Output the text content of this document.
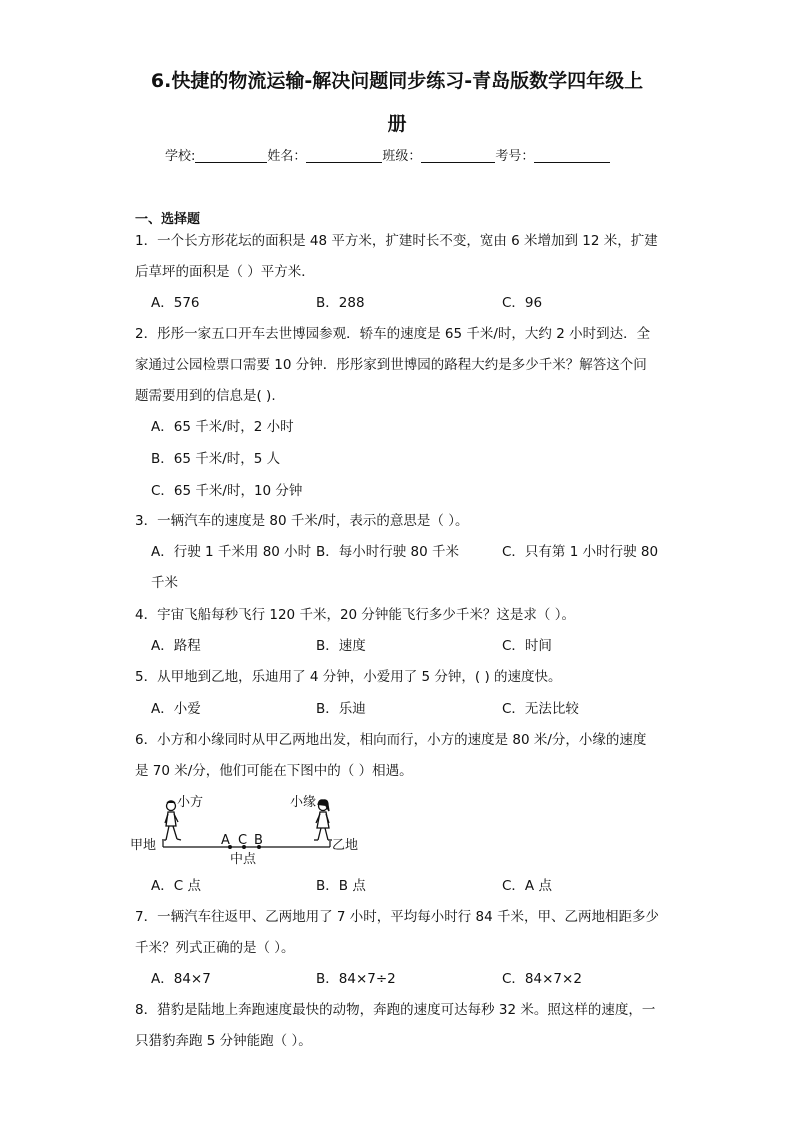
6.快捷的物流运输-解决问题同步练习-青岛版数学四年级上
册
学校:	姓名：	班级：	考号：
一、选择题
1．一个长方形花坛的面积是 48 平方米，扩建时长不变，宽由 6 米增加到 12 米，扩建
后草坪的面积是（ ）平方米．
A．576	B．288	C．96
2．彤彤一家五口开车去世博园参观．轿车的速度是 65 千米/时，大约 2 小时到达．全
家通过公园检票口需要 10 分钟．彤彤家到世博园的路程大约是多少千米？解答这个问
题需要用到的信息是( ).
A．65 千米/时，2 小时
B．65 千米/时，5 人
C．65 千米/时，10 分钟
3．一辆汽车的速度是 80 千米/时，表示的意思是（ ）。
A．行驶 1 千米用 80 小时 B．每小时行驶 80 千米	C．只有第 1 小时行驶 80
千米
4．宇宙飞船每秒飞行 120 千米，20 分钟能飞行多少千米？这是求（ ）。
A．路程	B．速度	C．时间
5．从甲地到乙地，乐迪用了 4 分钟，小爱用了 5 分钟，( ) 的速度快。
A．小爱	B．乐迪	C．无法比较
6．小方和小缘同时从甲乙两地出发，相向而行，小方的速度是 80 米/分，小缘的速度
是 70 米/分，他们可能在下图中的（ ）相遇。
小方	小缘
甲地	乙地
A C B
中点
A．C 点	B．B 点	C．A 点
7．一辆汽车往返甲、乙两地用了 7 小时，平均每小时行 84 千米，甲、乙两地相距多少
千米？列式正确的是（ ）。
A．84×7	B．84×7÷2	C．84×7×2
8．猎豹是陆地上奔跑速度最快的动物，奔跑的速度可达每秒 32 米。照这样的速度，一
只猎豹奔跑 5 分钟能跑（ ）。
